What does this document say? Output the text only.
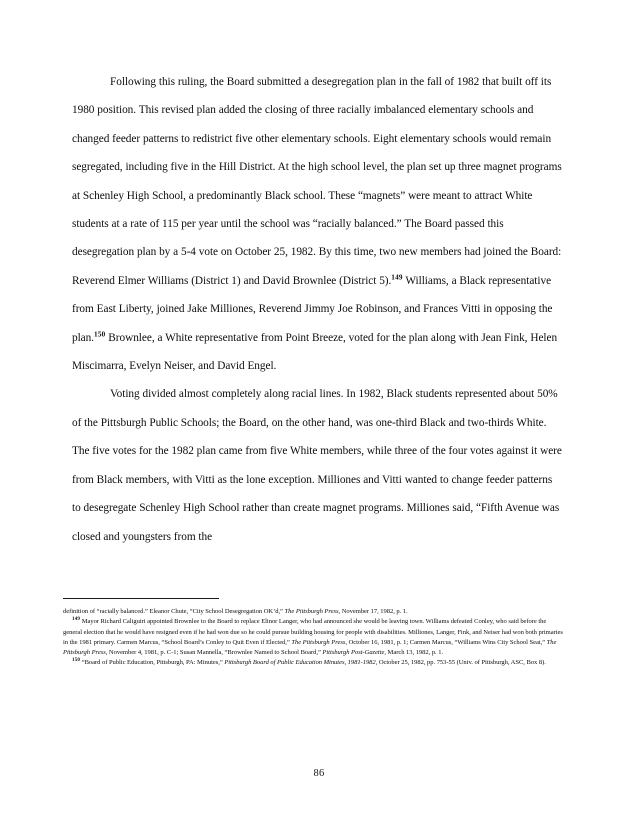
Following this ruling, the Board submitted a desegregation plan in the fall of 1982 that built off its 1980 position. This revised plan added the closing of three racially imbalanced elementary schools and changed feeder patterns to redistrict five other elementary schools. Eight elementary schools would remain segregated, including five in the Hill District. At the high school level, the plan set up three magnet programs at Schenley High School, a predominantly Black school. These “magnets” were meant to attract White students at a rate of 115 per year until the school was “racially balanced.” The Board passed this desegregation plan by a 5-4 vote on October 25, 1982. By this time, two new members had joined the Board: Reverend Elmer Williams (District 1) and David Brownlee (District 5).$^{149}$ Williams, a Black representative from East Liberty, joined Jake Milliones, Reverend Jimmy Joe Robinson, and Frances Vitti in opposing the plan.$^{150}$ Brownlee, a White representative from Point Breeze, voted for the plan along with Jean Fink, Helen Miscimarra, Evelyn Neiser, and David Engel.

Voting divided almost completely along racial lines. In 1982, Black students represented about 50% of the Pittsburgh Public Schools; the Board, on the other hand, was one-third Black and two-thirds White. The five votes for the 1982 plan came from five White members, while three of the four votes against it were from Black members, with Vitti as the lone exception. Milliones and Vitti wanted to change feeder patterns to desegregate Schenley High School rather than create magnet programs. Milliones said, “Fifth Avenue was closed and youngsters from the

definition of “racially balanced.” Eleanor Chute, “City School Desegregation OK’d,” The Pittsburgh Press, November 17, 1982, p. 1.

$^{149}$ Mayor Richard Caliguiri appointed Brownlee to the Board to replace Elinor Langer, who had announced she would be leaving town. Williams defeated Conley, who said before the general election that he would have resigned even if he had won due so he could pursue building housing for people with disabilities. Milliones, Langer, Fink, and Neiser had won both primaries in the 1981 primary. Carmen Marcus, “School Board’s Conley to Quit Even if Elected,” The Pittsburgh Press, October 16, 1981, p. 1; Carmen Marcus, “Williams Wins City School Seat,” The Pittsburgh Press, November 4, 1981, p. C-1; Susan Mannella, “Brownlee Named to School Board,” Pittsburgh Post-Gazette, March 13, 1982, p. 1.

$^{150}$ “Board of Public Education, Pittsburgh, PA: Minutes,” Pittsburgh Board of Public Education Minutes, 1981-1982, October 25, 1982, pp. 753-55 (Univ. of Pittsburgh, ASC, Box 8).

86
